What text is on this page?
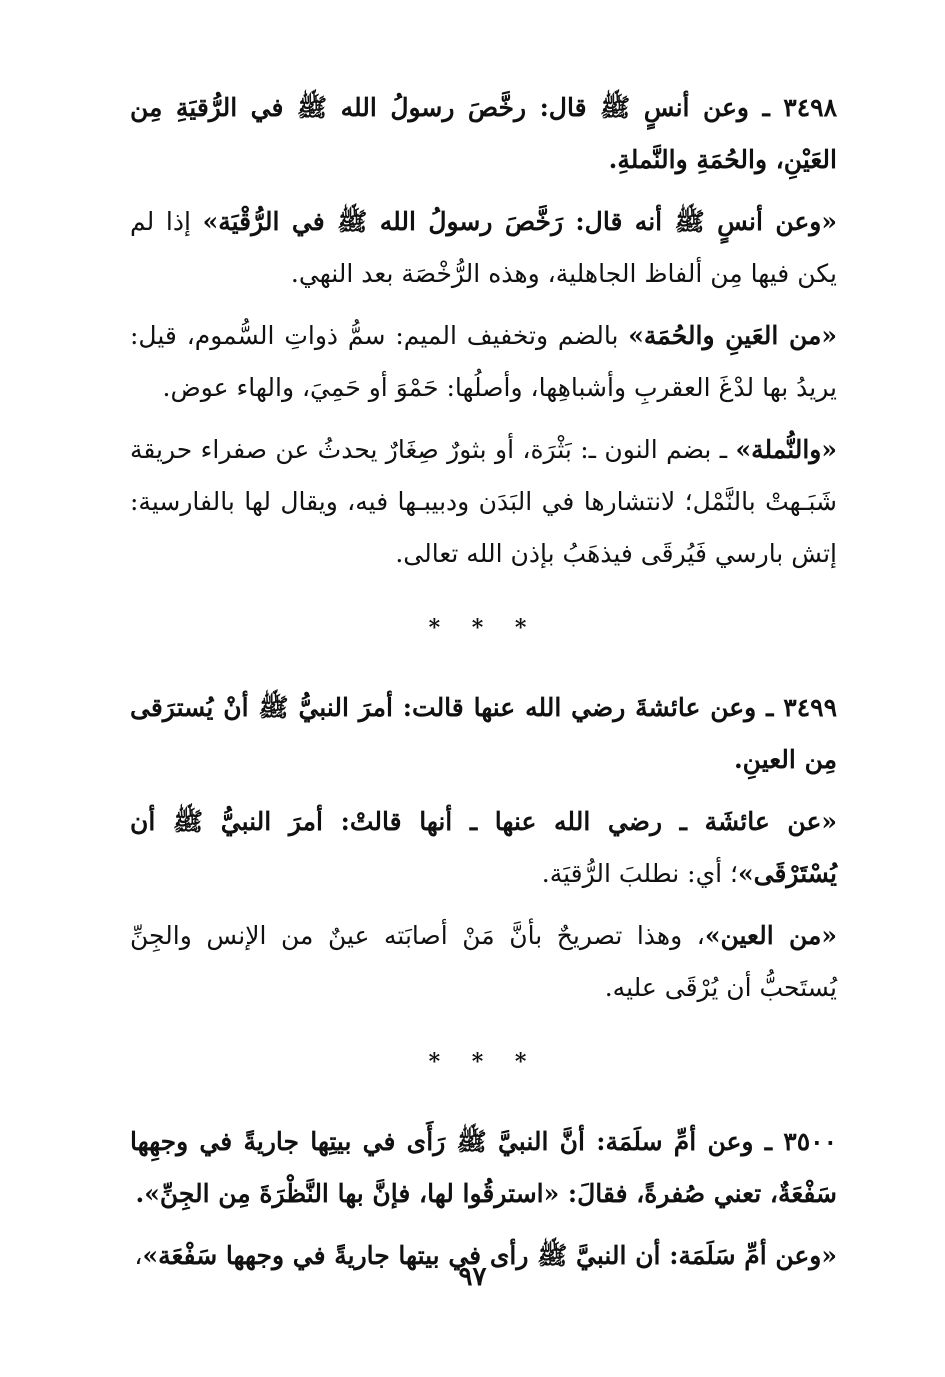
٣٤٩٨ ـ وعن أنسٍ ﷺ قال: رخَّصَ رسولُ الله ﷺ في الرُّقيَةِ مِن العَيْنِ، والحُمَةِ والنَّملةِ.

«وعن أنسٍ ﷺ أنه قال: رَخَّصَ رسولُ الله ﷺ في الرُّقْيَة» إذا لم يكن فيها مِن ألفاظ الجاهلية، وهذه الرُّخْصَة بعد النهي.

«من العَينِ والحُمَة» بالضم وتخفيف الميم: سمُّ ذواتِ السُّموم، قيل: يريدُ بها لدْغَ العقربِ وأشباهِها، وأصلُها: حَمْوَ أو حَمِيَ، والهاء عوض.

«والنُّملة» ـ بضم النون ـ: بَثْرَة، أو بثورٌ صِغَارٌ يحدثُ عن صفراء حريقة شَبَـهتْ بالنَّمْل؛ لانتشارها في البَدَن ودبيبـها فيه، ويقال لها بالفارسية: إتش بارسي فَيُرقَى فيذهَبُ بإذن الله تعالى.

* * *

٣٤٩٩ ـ وعن عائشةَ رضي الله عنها قالت: أمرَ النبيُّ ﷺ أنْ يُسترَقى مِن العينِ.

«عن عائشَة ـ رضي الله عنها ـ أنها قالتْ: أمرَ النبيُّ ﷺ أن يُسْتَرْقَى»؛ أي: نطلبَ الرُّقيَة.

«من العين»، وهذا تصريحٌ بأنَّ مَنْ أصابَته عينٌ من الإنس والجِنِّ يُستَحبُّ أن يُرْقَى عليه.

* * *

٣٥٠٠ ـ وعن أمِّ سلَمَة: أنَّ النبيَّ ﷺ رَأَى في بيتِها جاريةً في وجهِها سَفْعَةٌ، تعني صُفرةً، فقالَ: «استرقُوا لها، فإنَّ بها النَّظْرَةَ مِن الجِنِّ».

«وعن أمِّ سَلَمَة: أن النبيَّ ﷺ رأى في بيتها جاريةً في وجهها سَفْعَة»،

٩٧
